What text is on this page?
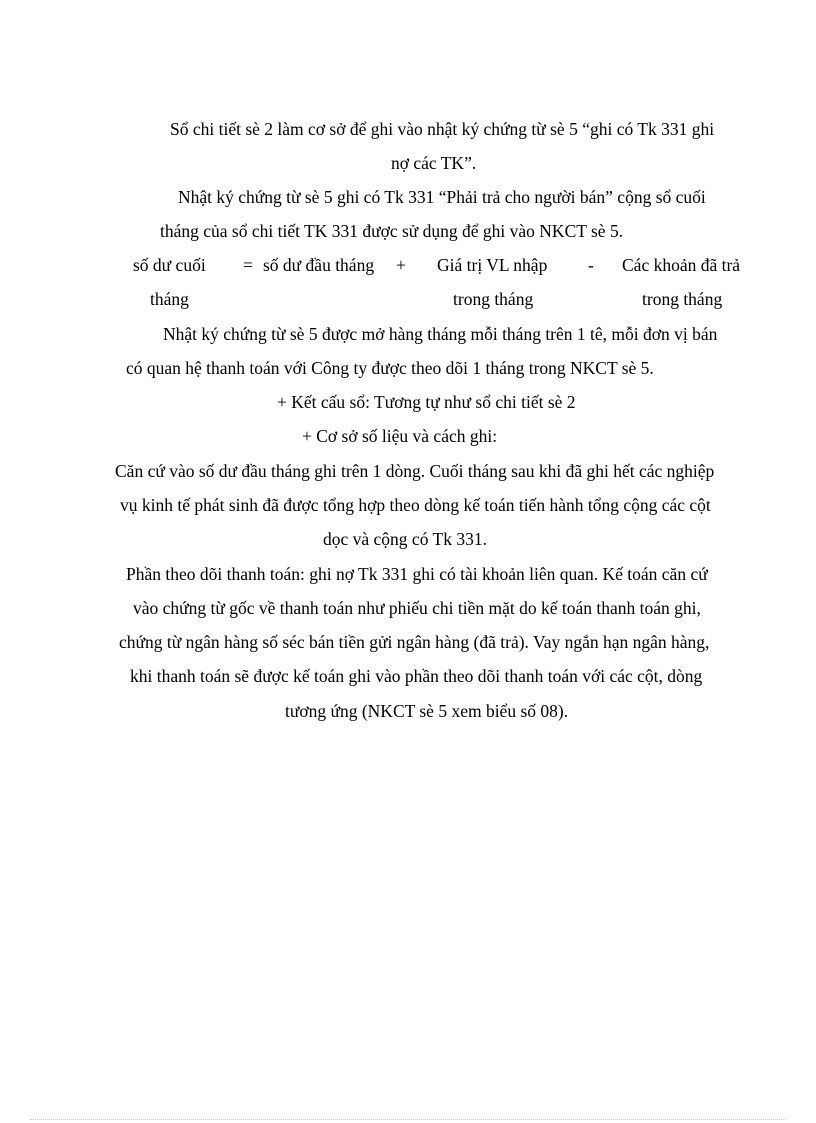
Sổ chi tiết sè 2 làm cơ sở để ghi vào nhật ký chứng từ sè 5 “ghi có Tk 331 ghi
nợ các TK”.
Nhật ký chứng từ sè 5 ghi có Tk 331 “Phải trả cho người bán” cộng sổ cuối
tháng của sổ chi tiết TK 331 được sử dụng để ghi vào NKCT sè 5.
số dư cuối = số dư đầu tháng + Giá trị VL nhập - Các khoản đã trả
tháng	trong tháng	trong tháng
Nhật ký chứng từ sè 5 được mở hàng tháng mỗi tháng trên 1 tê, mỗi đơn vị bán
có quan hệ thanh toán với Công ty được theo dõi 1 tháng trong NKCT sè 5.
+ Kết cấu sổ: Tương tự như sổ chi tiết sè 2
+ Cơ sở số liệu và cách ghi:
Căn cứ vào số dư đầu tháng ghi trên 1 dòng. Cuối tháng sau khi đã ghi hết các nghiệp
vụ kinh tế phát sinh đã được tổng hợp theo dòng kế toán tiến hành tổng cộng các cột
dọc và cộng có Tk 331.
Phần theo dõi thanh toán: ghi nợ Tk 331 ghi có tài khoản liên quan. Kế toán căn cứ
vào chứng từ gốc về thanh toán như phiếu chi tiền mặt do kế toán thanh toán ghi,
chứng từ ngân hàng số séc bán tiền gửi ngân hàng (đã trả). Vay ngắn hạn ngân hàng,
khi thanh toán sẽ được kế toán ghi vào phần theo dõi thanh toán với các cột, dòng
tương ứng (NKCT sè 5 xem biểu số 08).
